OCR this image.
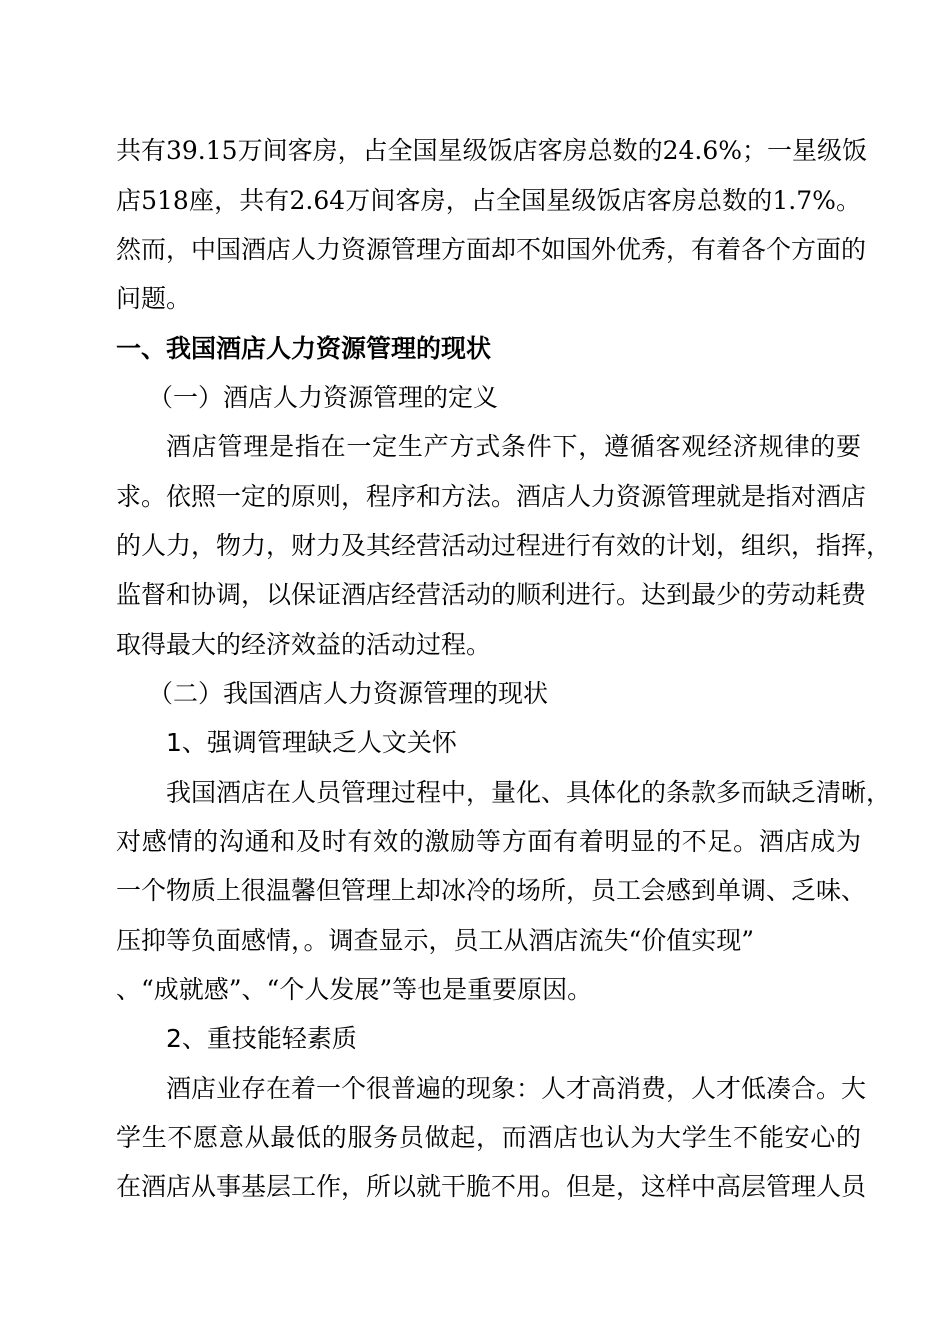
共有39.15万间客房，占全国星级饭店客房总数的24.6%；一星级饭
店518座，共有2.64万间客房，占全国星级饭店客房总数的1.7%。
然而，中国酒店人力资源管理方面却不如国外优秀，有着各个方面的
问题。
一、我国酒店人力资源管理的现状
（一）酒店人力资源管理的定义
酒店管理是指在一定生产方式条件下，遵循客观经济规律的要
求。依照一定的原则，程序和方法。酒店人力资源管理就是指对酒店
的人力，物力，财力及其经营活动过程进行有效的计划，组织，指挥，
监督和协调，以保证酒店经营活动的顺利进行。达到最少的劳动耗费
取得最大的经济效益的活动过程。
（二）我国酒店人力资源管理的现状
1、强调管理缺乏人文关怀
我国酒店在人员管理过程中，量化、具体化的条款多而缺乏清晰，
对感情的沟通和及时有效的激励等方面有着明显的不足。酒店成为
一个物质上很温馨但管理上却冰冷的场所，员工会感到单调、乏味、
压抑等负面感情，。调查显示，员工从酒店流失“价值实现”
、“成就感”、“个人发展”等也是重要原因。
2、重技能轻素质
酒店业存在着一个很普遍的现象：人才高消费，人才低凑合。大
学生不愿意从最低的服务员做起，而酒店也认为大学生不能安心的
在酒店从事基层工作，所以就干脆不用。但是，这样中高层管理人员
